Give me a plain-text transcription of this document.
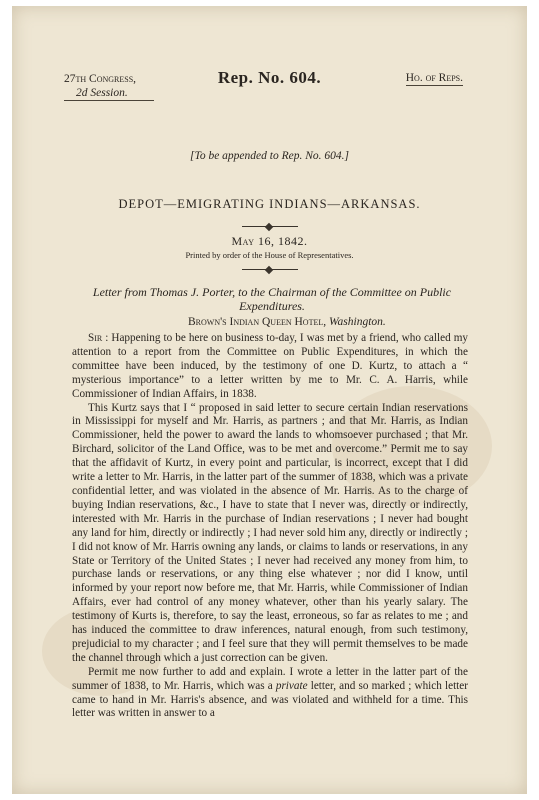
27th Congress,
2d Session.
Rep. No. 604.	Ho. of Reps.
[To be appended to Rep. No. 604.]
DEPOT—EMIGRATING INDIANS—ARKANSAS.
May 16, 1842.
Printed by order of the House of Representatives.
Letter from Thomas J. Porter, to the Chairman of the Committee on Public Expenditures.
Brown's Indian Queen Hotel, Washington.

Sir : Happening to be here on business to-day, I was met by a friend, who called my attention to a report from the Committee on Public Expenditures, in which the committee have been induced, by the testimony of one D. Kurtz, to attach a “ mysterious importance” to a letter written by me to Mr. C. A. Harris, while Commissioner of Indian Affairs, in 1838.

This Kurtz says that I “ proposed in said letter to secure certain Indian reservations in Mississippi for myself and Mr. Harris, as partners ; and that Mr. Harris, as Indian Commissioner, held the power to award the lands to whomsoever purchased ; that Mr. Birchard, solicitor of the Land Office, was to be met and overcome.” Permit me to say that the affidavit of Kurtz, in every point and particular, is incorrect, except that I did write a letter to Mr. Harris, in the latter part of the summer of 1838, which was a private confidential letter, and was violated in the absence of Mr. Harris. As to the charge of buying Indian reservations, &c., I have to state that I never was, directly or indirectly, interested with Mr. Harris in the purchase of Indian reservations ; I never had bought any land for him, directly or indirectly ; I had never sold him any, directly or indirectly ; I did not know of Mr. Harris owning any lands, or claims to lands or reservations, in any State or Territory of the United States ; I never had received any money from him, to purchase lands or reservations, or any thing else whatever ; nor did I know, until informed by your report now before me, that Mr. Harris, while Commissioner of Indian Affairs, ever had control of any money whatever, other than his yearly salary. The testimony of Kurts is, therefore, to say the least, erroneous, so far as relates to me ; and has induced the committee to draw inferences, natural enough, from such testimony, prejudicial to my character ; and I feel sure that they will permit themselves to be made the channel through which a just correction can be given.

Permit me now further to add and explain. I wrote a letter in the latter part of the summer of 1838, to Mr. Harris, which was a private letter, and so marked ; which letter came to hand in Mr. Harris's absence, and was violated and withheld for a time. This letter was written in answer to a
